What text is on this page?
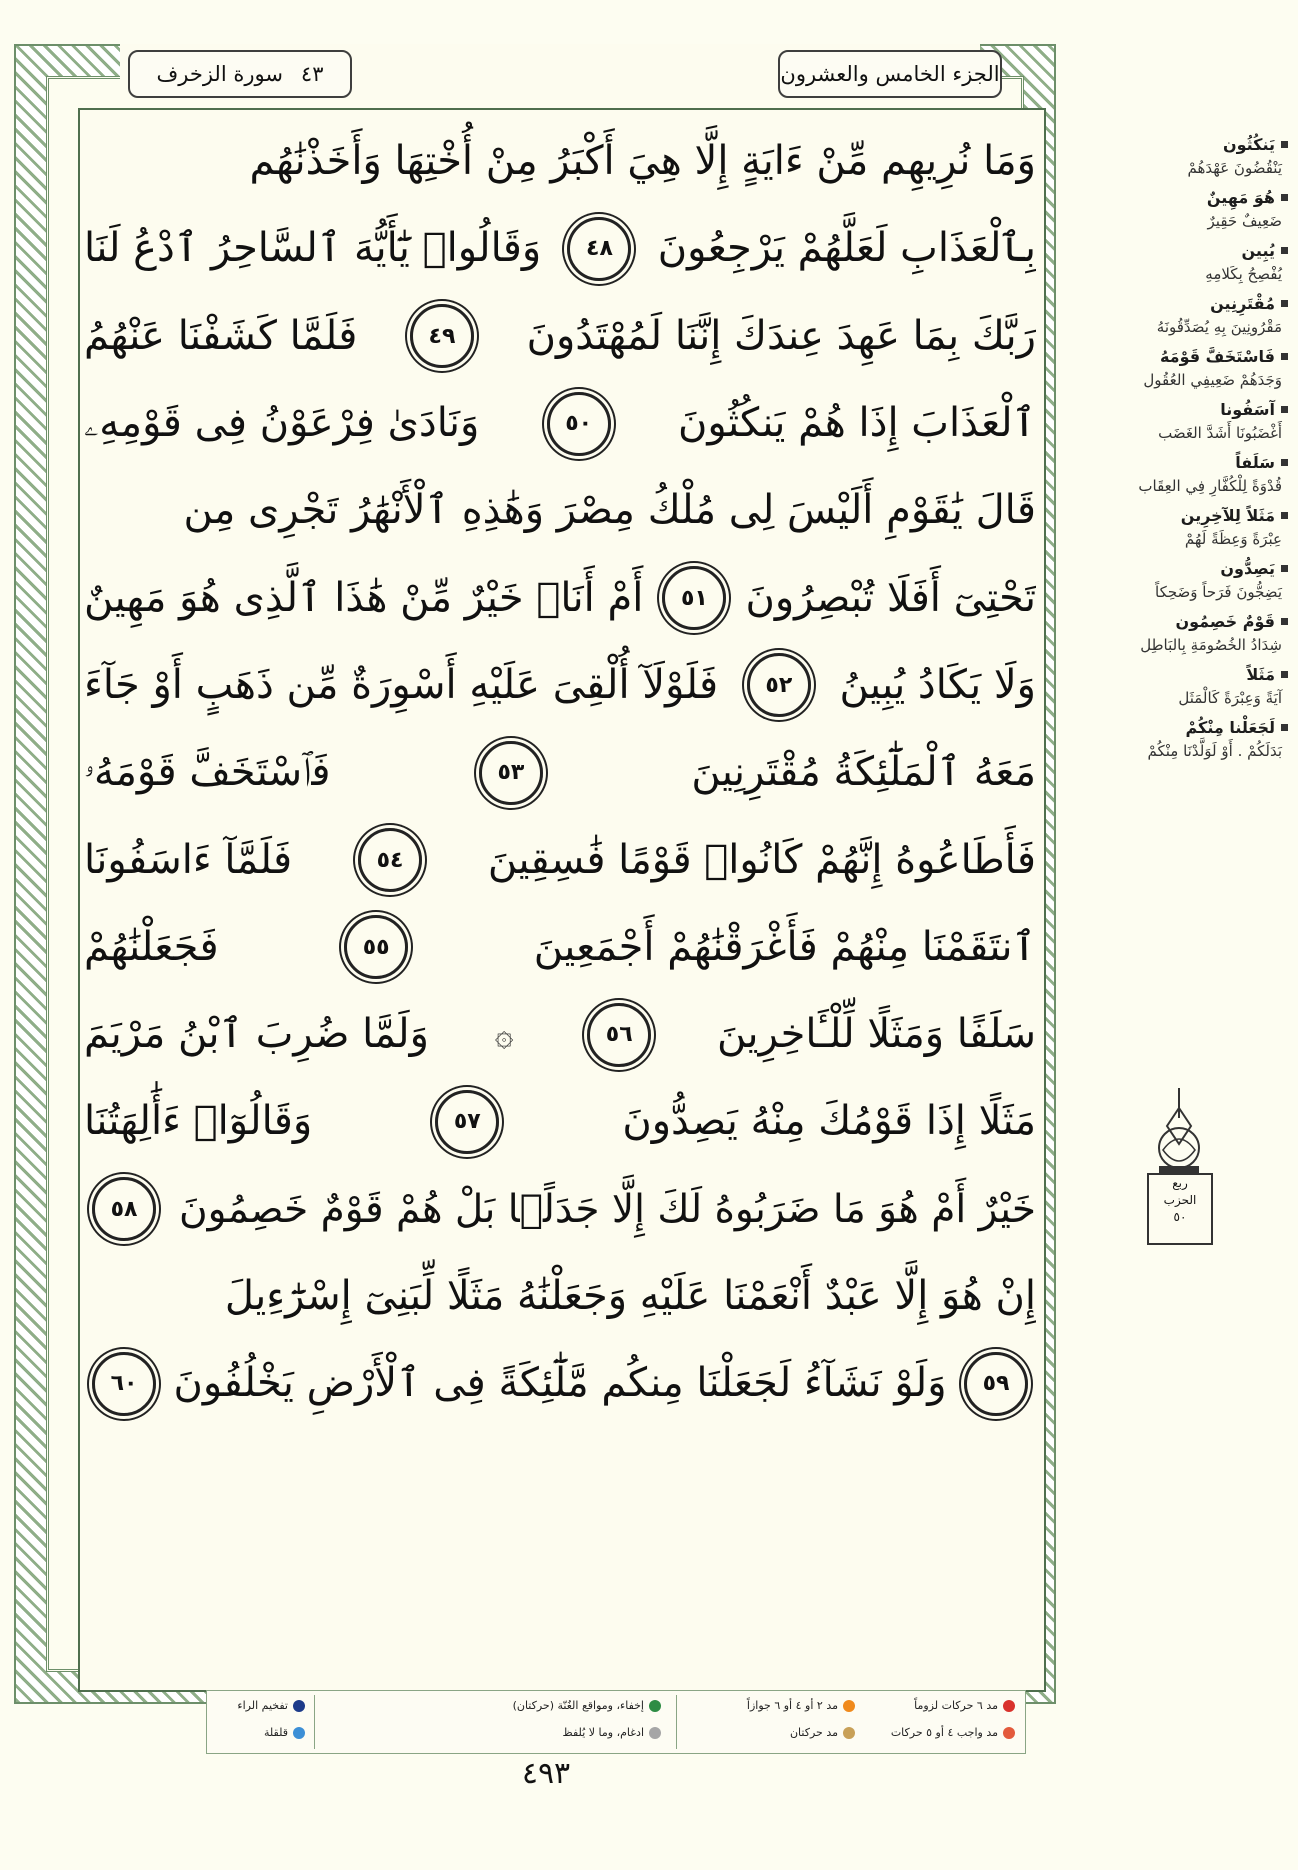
الجزء الخامس والعشرون
سورة الزخرف ٤٣
وَمَا نُرِيهِم مِّنْ ءَايَةٍ إِلَّا هِيَ أَكْبَرُ مِنْ أُخْتِهَا وَأَخَذْنَٰهُم
بِٱلْعَذَابِ لَعَلَّهُمْ يَرْجِعُونَ
٤٨
وَقَالُوا۟ يَٰٓأَيُّهَ ٱلسَّاحِرُ ٱدْعُ لَنَا
رَبَّكَ بِمَا عَهِدَ عِندَكَ إِنَّنَا لَمُهْتَدُونَ
٤٩
فَلَمَّا كَشَفْنَا عَنْهُمُ
ٱلْعَذَابَ إِذَا هُمْ يَنكُثُونَ
٥٠
وَنَادَىٰ فِرْعَوْنُ فِى قَوْمِهِۦ
قَالَ يَٰقَوْمِ أَلَيْسَ لِى مُلْكُ مِصْرَ وَهَٰذِهِ ٱلْأَنْهَٰرُ تَجْرِى مِن
تَحْتِىٓ أَفَلَا تُبْصِرُونَ
٥١
أَمْ أَنَا۠ خَيْرٌ مِّنْ هَٰذَا ٱلَّذِى هُوَ مَهِينٌ
وَلَا يَكَادُ يُبِينُ
٥٢
فَلَوْلَآ أُلْقِىَ عَلَيْهِ أَسْوِرَةٌ مِّن ذَهَبٍ أَوْ جَآءَ
مَعَهُ ٱلْمَلَٰٓئِكَةُ مُقْتَرِنِينَ
٥٣
فَٱسْتَخَفَّ قَوْمَهُۥ
فَأَطَاعُوهُ إِنَّهُمْ كَانُوا۟ قَوْمًا فَٰسِقِينَ
٥٤
فَلَمَّآ ءَاسَفُونَا
ٱنتَقَمْنَا مِنْهُمْ فَأَغْرَقْنَٰهُمْ أَجْمَعِينَ
٥٥
فَجَعَلْنَٰهُمْ
سَلَفًا وَمَثَلًا لِّلْـَٔاخِرِينَ
٥٦
۞
وَلَمَّا ضُرِبَ ٱبْنُ مَرْيَمَ
مَثَلًا إِذَا قَوْمُكَ مِنْهُ يَصِدُّونَ
٥٧
وَقَالُوٓا۟ ءَأَٰلِهَتُنَا
خَيْرٌ أَمْ هُوَ مَا ضَرَبُوهُ لَكَ إِلَّا جَدَلًۢا بَلْ هُمْ قَوْمٌ خَصِمُونَ
٥٨
إِنْ هُوَ إِلَّا عَبْدٌ أَنْعَمْنَا عَلَيْهِ وَجَعَلْنَٰهُ مَثَلًا لِّبَنِىٓ إِسْرَٰٓءِيلَ
٥٩
وَلَوْ نَشَآءُ لَجَعَلْنَا مِنكُم مَّلَٰٓئِكَةً فِى ٱلْأَرْضِ يَخْلُفُونَ
٦٠
يَنكُثُون
يَنْقُضُونَ عَهْدَهُمْ
هُوَ مَهِينٌ
ضَعِيفٌ حَقِيرٌ
يُبِين
يُفْصِحُ بِكَلامِهِ
مُقْتَرِنِين
مَقْرُونِينَ بِهِ يُصَدِّقُونَهُ
فَاسْتَخَفَّ قَوْمَهُ
وَجَدَهُمْ ضَعِيفِي العُقُول
آسَفُونا
أَغْضَبُونَا أَشَدَّ الغَضَب
سَلَفاً
قُدْوَةً لِلْكُفَّارِ فِي العِقَاب
مَثَلاً لِلآخِرِين
عِبْرَةً وَعِظَةً لَهُمْ
يَصِدُّون
يَضِجُّونَ فَرَحاً وَضَحِكاً
قَوْمٌ خَصِمُون
شِدَادُ الخُصُومَةِ بِالبَاطِل
مَثَلاً
آيَةً وَعِبْرَةً كَالْمَثَل
لَجَعَلْنا مِنْكُمْ
بَدَلَكُمْ . أَوْ لَوَلَّدْنَا مِنْكُمْ
ربع
الحزب
٥٠
مد ٦ حركات لزوماً
مد واجب ٤ أو ٥ حركات
مد ٢ أو ٤ أو ٦ جوازاً
مد حركتان
إخفاء، ومواقع الغُنّة (حركتان)
ادغام، وما لا يُلفظ
تفخيم الراء
قلقلة
٤٩٣
